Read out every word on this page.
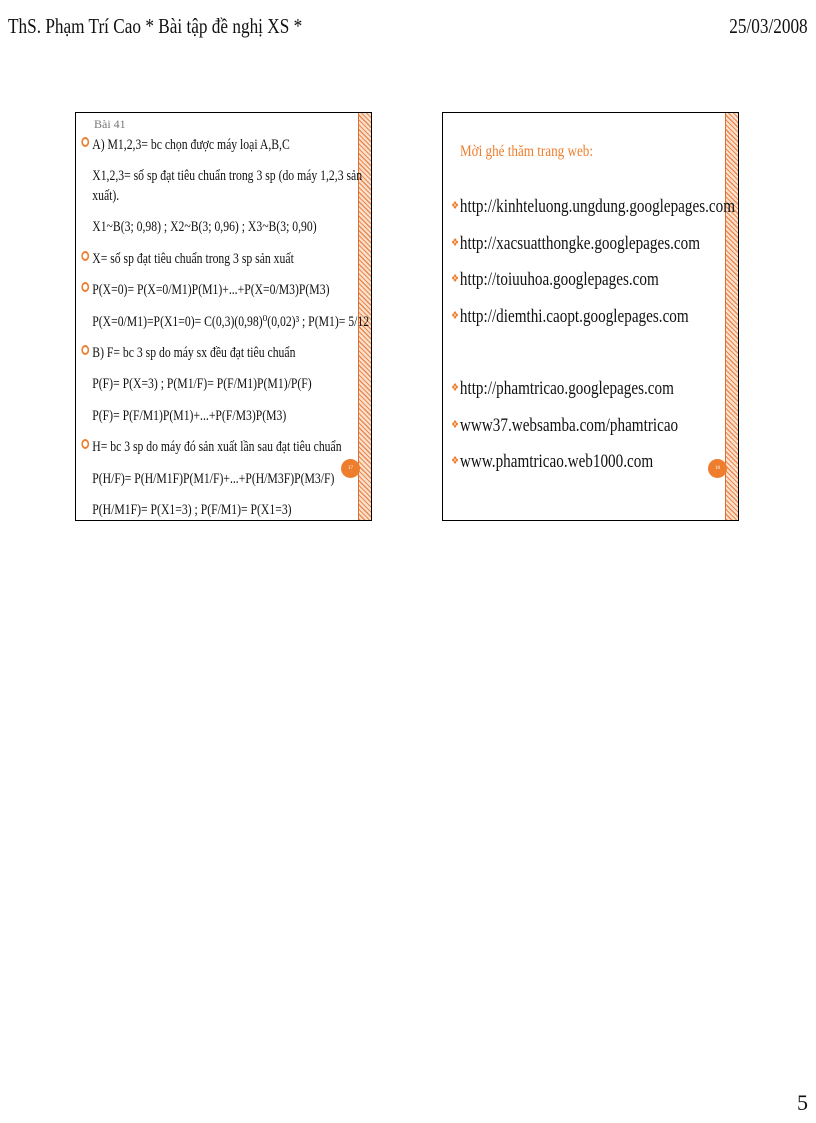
ThS. Phạm Trí Cao * Bài tập đề nghị XS *	25/03/2008
Bài 41
A) M1,2,3= bc chọn được máy loại A,B,C
X1,2,3= số sp đạt tiêu chuẩn trong 3 sp (do máy 1,2,3 sản xuất).
X1~B(3; 0,98) ; X2~B(3; 0,96) ; X3~B(3; 0,90)
X= số sp đạt tiêu chuẩn trong 3 sp sản xuất
P(X=0)= P(X=0/M1)P(M1)+...+P(X=0/M3)P(M3)
P(X=0/M1)=P(X1=0)= C(0,3)(0,98)⁰(0,02)³ ; P(M1)= 5/12
B) F= bc 3 sp do máy sx đều đạt tiêu chuẩn
P(F)= P(X=3) ; P(M1/F)= P(F/M1)P(M1)/P(F)
P(F)= P(F/M1)P(M1)+...+P(F/M3)P(M3)
H= bc 3 sp do máy đó sản xuất lần sau đạt tiêu chuẩn
P(H/F)= P(H/M1F)P(M1/F)+...+P(H/M3F)P(M3/F)
P(H/M1F)= P(X1=3) ; P(F/M1)= P(X1=3)
17
Mời ghé thăm trang web:
❖http://kinhteluong.ungdung.googlepages.com
❖http://xacsuatthongke.googlepages.com
❖http://toiuuhoa.googlepages.com
❖http://diemthi.caopt.googlepages.com
❖http://phamtricao.googlepages.com
❖www37.websamba.com/phamtricao
❖www.phamtricao.web1000.com	18
5
